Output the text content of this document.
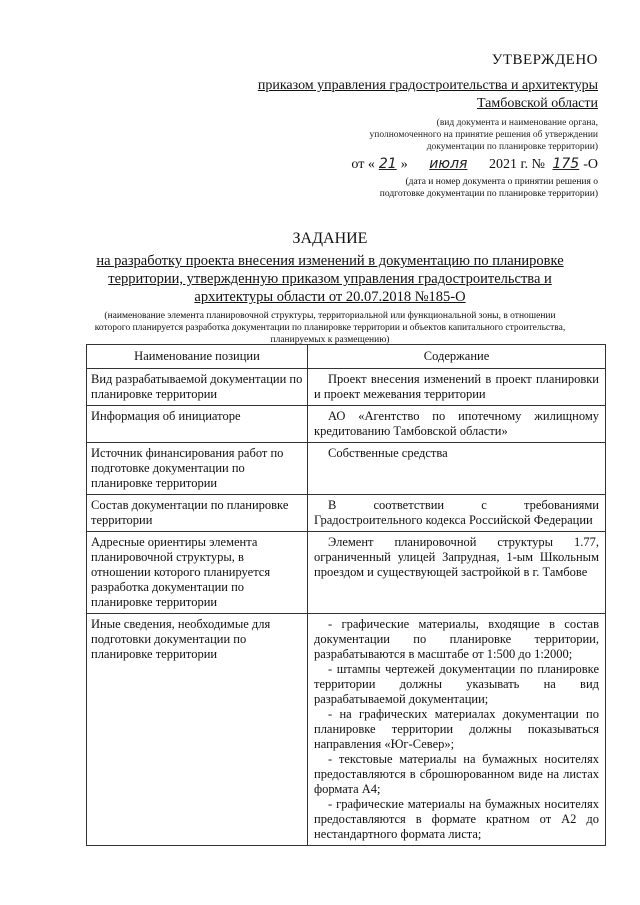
УТВЕРЖДЕНО
приказом управления градостроительства и архитектуры
Тамбовской области
(вид документа и наименование органа,
уполномоченного на принятие решения об утверждении
документации по планировке территории)
от « 21 » июля 2021 г. № 175 -О
(дата и номер документа о принятии решения о
подготовке документации по планировке территории)
ЗАДАНИЕ
на разработку проекта внесения изменений в документацию по планировке
территории, утвержденную приказом управления градостроительства и
архитектуры области от 20.07.2018 №185-О
(наименование элемента планировочной структуры, территориальной или функциональной зоны, в отношении которого планируется разработка документации по планировке территории и объектов капитального строительства, планируемых к размещению)
Наименование позиции	Содержание
Вид разрабатываемой документации по планировке территории	Проект внесения изменений в проект планировки и проект межевания территории

Информация об инициаторе	АО «Агентство по ипотечному жилищному кредитованию Тамбовской области»

Источник финансирования работ по подготовке документации по планировке территории	Собственные средства

Состав документации по планировке территории	В соответствии с требованиями Градостроительного кодекса Российской Федерации

Адресные ориентиры элемента планировочной структуры, в отношении которого планируется разработка документации по планировке территории	Элемент планировочной структуры 1.77, ограниченный улицей Запрудная, 1-ым Школьным проездом и существующей застройкой в г. Тамбове

Иные сведения, необходимые для подготовки документации по планировке территории	- графические материалы, входящие в состав документации по планировке территории, разрабатываются в масштабе от 1:500 до 1:2000;
- штампы чертежей документации по планировке территории должны указывать на вид разрабатываемой документации;
- на графических материалах документации по планировке территории должны показываться направления «Юг-Север»;
- текстовые материалы на бумажных носителях предоставляются в сброшюрованном виде на листах формата А4;
- графические материалы на бумажных носителях предоставляются в формате кратном от А2 до нестандартного формата листа;
